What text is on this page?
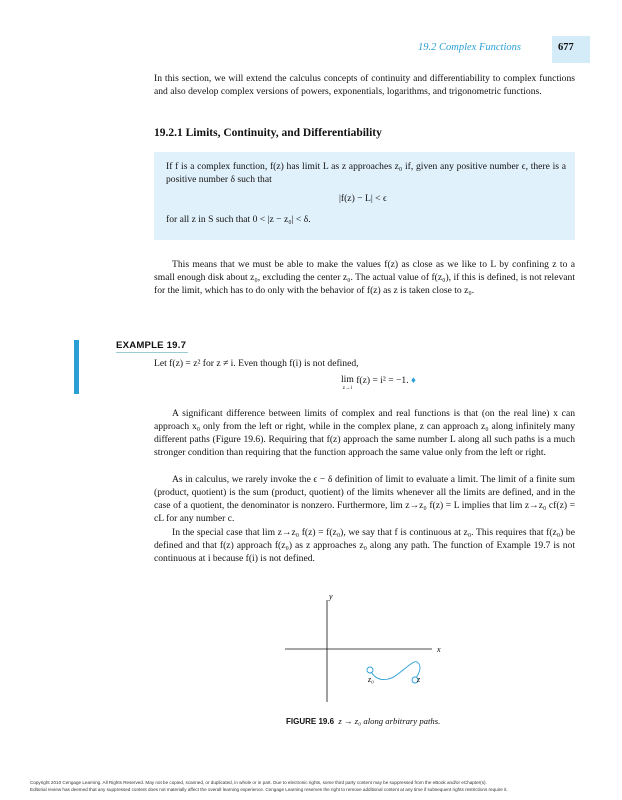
19.2 Complex Functions	677

In this section, we will extend the calculus concepts of continuity and differentiability to complex functions and also develop complex versions of powers, exponentials, logarithms, and trigonometric functions.

19.2.1 Limits, Continuity, and Differentiability

If f is a complex function, f(z) has limit L as z approaches z₀ if, given any positive number ϵ, there is a positive number δ such that

|f(z) − L| < ϵ

for all z in S such that 0 < |z − z₀| < δ.

This means that we must be able to make the values f(z) as close as we like to L by confining z to a small enough disk about z₀, excluding the center z₀. The actual value of f(z₀), if this is defined, is not relevant for the limit, which has to do only with the behavior of f(z) as z is taken close to z₀.

EXAMPLE 19.7

Let f(z) = z² for z ≠ i. Even though f(i) is not defined,

lim
z→i
f(z) = i² = −1. ♦

A significant difference between limits of complex and real functions is that (on the real line) x can approach x₀ only from the left or right, while in the complex plane, z can approach z₀ along infinitely many different paths (Figure 19.6). Requiring that f(z) approach the same number L along all such paths is a much stronger condition than requiring that the function approach the same value only from the left or right.

As in calculus, we rarely invoke the ϵ − δ definition of limit to evaluate a limit. The limit of a finite sum (product, quotient) is the sum (product, quotient) of the limits whenever all the limits are defined, and in the case of a quotient, the denominator is nonzero. Furthermore, lim z→z₀ f(z) = L implies that lim z→z₀ cf(z) = cL for any number c.

In the special case that lim z→z₀ f(z) = f(z₀), we say that f is continuous at z₀. This requires that f(z₀) be defined and that f(z) approach f(z₀) as z approaches z₀ along any path. The function of Example 19.7 is not continuous at i because f(i) is not defined.

y
x
z₀	z
FIGURE 19.6 z → z₀ along arbitrary paths.
Copyright 2010 Cengage Learning. All Rights Reserved. May not be copied, scanned, or duplicated, in whole or in part. Due to electronic rights, some third party content may be suppressed from the eBook and/or eChapter(s).
Editorial review has deemed that any suppressed content does not materially affect the overall learning experience. Cengage Learning reserves the right to remove additional content at any time if subsequent rights restrictions require it.
